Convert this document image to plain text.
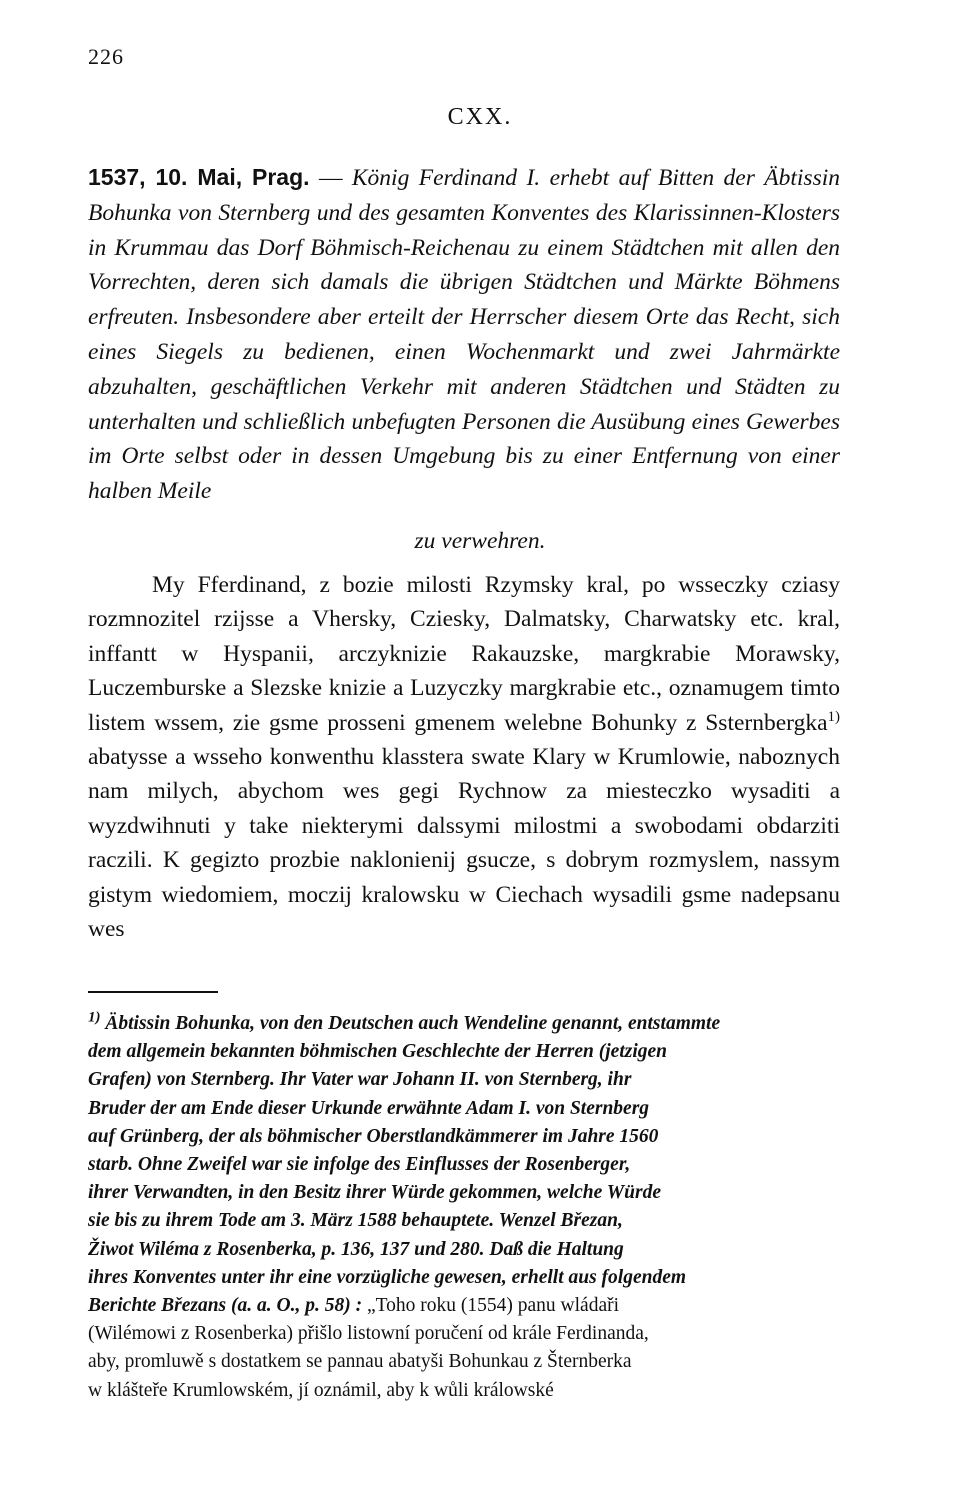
226
CXX.
1537, 10. Mai, Prag. — König Ferdinand I. erhebt auf Bitten der Äbtissin Bohunka von Sternberg und des gesamten Konventes des Klarissinnen-Klosters in Krummau das Dorf Böhmisch-Reichenau zu einem Städtchen mit allen den Vorrechten, deren sich damals die übrigen Städtchen und Märkte Böhmens erfreuten. Insbesondere aber erteilt der Herrscher diesem Orte das Recht, sich eines Siegels zu bedienen, einen Wochenmarkt und zwei Jahrmärkte abzuhalten, geschäftlichen Verkehr mit anderen Städtchen und Städten zu unterhalten und schließlich unbefugten Personen die Ausübung eines Gewerbes im Orte selbst oder in dessen Umgebung bis zu einer Entfernung von einer halben Meile
zu verwehren.
My Fferdinand, z bozie milosti Rzymsky kral, po wsseczky cziasy rozmnozitel rzijsse a Vhersky, Cziesky, Dalmatsky, Charwatsky etc. kral, inffantt w Hyspanii, arczyknizie Rakauzske, margkrabie Morawsky, Luczemburske a Slezske knizie a Luzyczky margkrabie etc., oznamugem timto listem wssem, zie gsme prosseni gmenem welebne Bohunky z Ssternbergka$^{1)}$ abatysse a wsseho konwenthu klasstera swate Klary w Krumlowie, naboznych nam milych, abychom wes gegi Rychnow za miesteczko wysaditi a wyzdwihnuti y take niekterymi dalssymi milostmi a swobodami obdarziti raczili. K gegizto prozbie naklonienij gsucze, s dobrym rozmyslem, nassym gistym wiedomiem, moczij kralowsku w Ciechach wysadili gsme nadepsanu wes
$^{1)}$ Äbtissin Bohunka, von den Deutschen auch Wendeline genannt, entstammte
dem allgemein bekannten böhmischen Geschlechte der Herren (jetzigen
Grafen) von Sternberg. Ihr Vater war Johann II. von Sternberg, ihr
Bruder der am Ende dieser Urkunde erwähnte Adam I. von Sternberg
auf Grünberg, der als böhmischer Oberstlandkämmerer im Jahre 1560
starb. Ohne Zweifel war sie infolge des Einflusses der Rosenberger,
ihrer Verwandten, in den Besitz ihrer Würde gekommen, welche Würde
sie bis zu ihrem Tode am 3. März 1588 behauptete. Wenzel Březan,
Žiwot Wilémа z Rosenberka, p. 136, 137 und 280. Daß die Haltung
ihres Konventes unter ihr eine vorzügliche gewesen, erhellt aus folgendem
Berichte Březans (a. a. O., p. 58) : „Toho roku (1554) panu wládaři
(Wilémowi z Rosenberka) přišlo listowní poručení od krále Ferdinanda,
aby, promluwě s dostatkem se pannau abatyši Bohunkau z Šternberka
w klášteře Krumlowském, jí oznámil, aby k wůli králowské
